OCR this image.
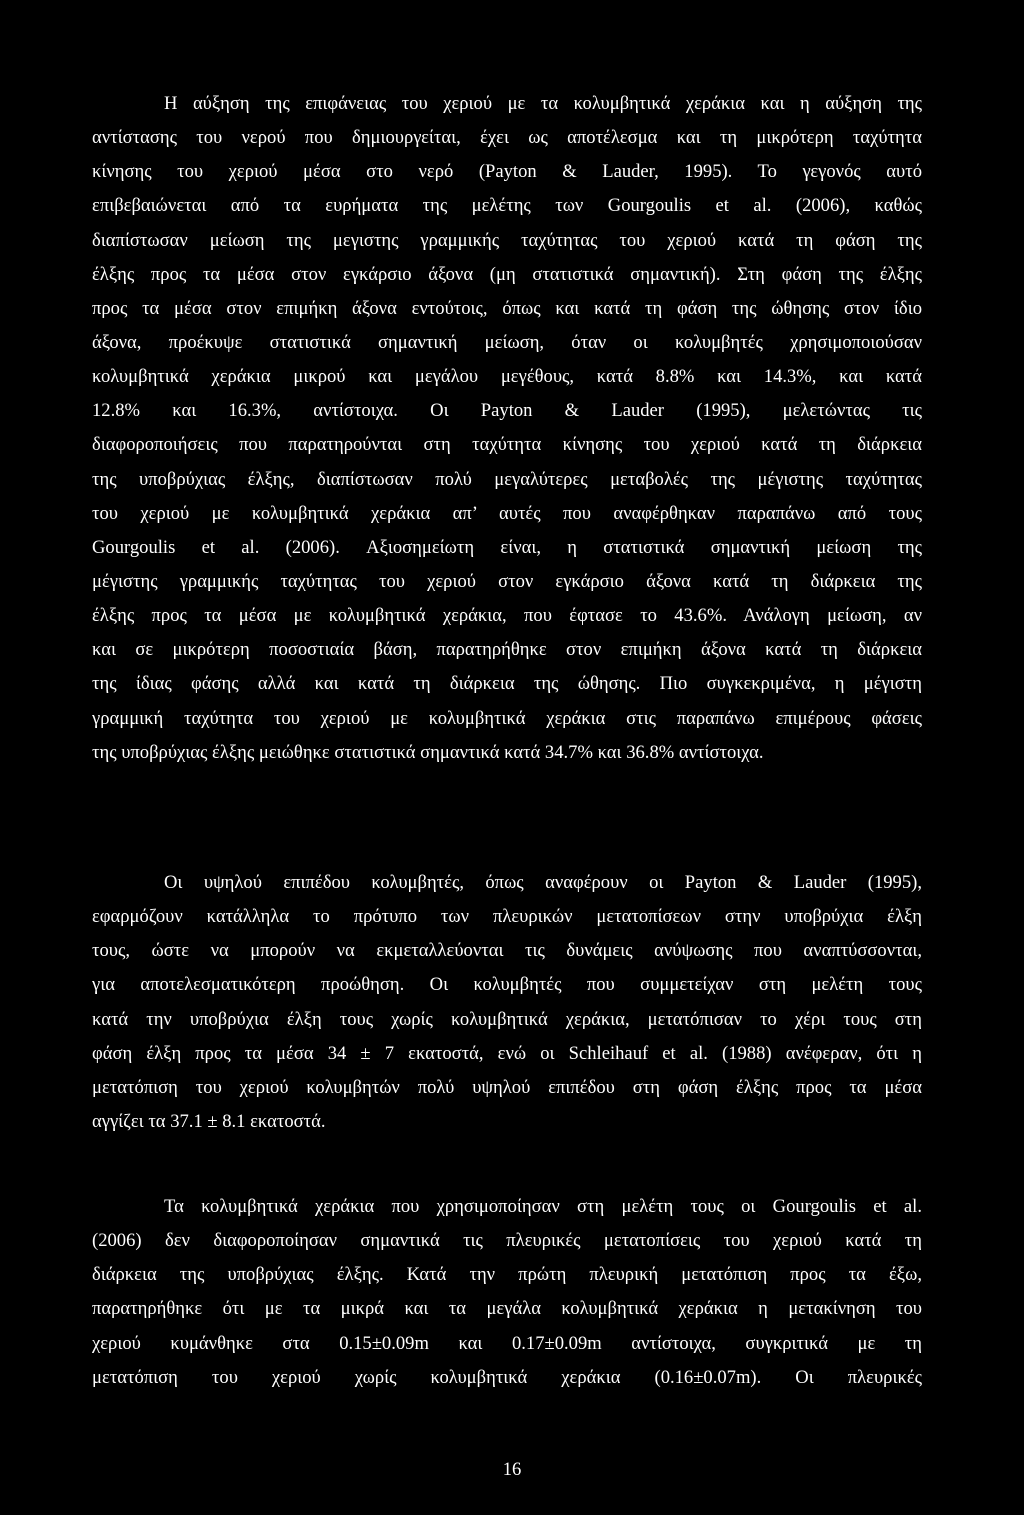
Η αύξηση της επιφάνειας του χεριού με τα κολυμβητικά χεράκια και η αύξηση της
αντίστασης του νερού που δημιουργείται, έχει ως αποτέλεσμα και τη μικρότερη ταχύτητα
κίνησης του χεριού μέσα στο νερό (Payton & Lauder, 1995). Το γεγονός αυτό
επιβεβαιώνεται από τα ευρήματα της μελέτης των Gourgoulis et al. (2006), καθώς
διαπίστωσαν μείωση της μεγιστης γραμμικής ταχύτητας του χεριού κατά τη φάση της
έλξης προς τα μέσα στον εγκάρσιο άξονα (μη στατιστικά σημαντική). Στη φάση της έλξης
προς τα μέσα στον επιμήκη άξονα εντούτοις, όπως και κατά τη φάση της ώθησης στον ίδιο
άξονα, προέκυψε στατιστικά σημαντική μείωση, όταν οι κολυμβητές χρησιμοποιούσαν
κολυμβητικά χεράκια μικρού και μεγάλου μεγέθους, κατά 8.8% και 14.3%, και κατά
12.8% και 16.3%, αντίστοιχα. Οι Payton & Lauder (1995), μελετώντας τις
διαφοροποιήσεις που παρατηρούνται στη ταχύτητα κίνησης του χεριού κατά τη διάρκεια
της υποβρύχιας έλξης, διαπίστωσαν πολύ μεγαλύτερες μεταβολές της μέγιστης ταχύτητας
του χεριού με κολυμβητικά χεράκια απ’ αυτές που αναφέρθηκαν παραπάνω από τους
Gourgoulis et al. (2006). Αξιοσημείωτη είναι, η στατιστικά σημαντική μείωση της
μέγιστης γραμμικής ταχύτητας του χεριού στον εγκάρσιο άξονα κατά τη διάρκεια της
έλξης προς τα μέσα με κολυμβητικά χεράκια, που έφτασε το 43.6%. Ανάλογη μείωση, αν
και σε μικρότερη ποσοστιαία βάση, παρατηρήθηκε στον επιμήκη άξονα κατά τη διάρκεια
της ίδιας φάσης αλλά και κατά τη διάρκεια της ώθησης. Πιο συγκεκριμένα, η μέγιστη
γραμμική ταχύτητα του χεριού με κολυμβητικά χεράκια στις παραπάνω επιμέρους φάσεις
της υποβρύχιας έλξης μειώθηκε στατιστικά σημαντικά κατά 34.7% και 36.8% αντίστοιχα.
Οι υψηλού επιπέδου κολυμβητές, όπως αναφέρουν οι Payton & Lauder (1995),
εφαρμόζουν κατάλληλα το πρότυπο των πλευρικών μετατοπίσεων στην υποβρύχια έλξη
τους, ώστε να μπορούν να εκμεταλλεύονται τις δυνάμεις ανύψωσης που αναπτύσσονται,
για αποτελεσματικότερη προώθηση. Οι κολυμβητές που συμμετείχαν στη μελέτη τους
κατά την υποβρύχια έλξη τους χωρίς κολυμβητικά χεράκια, μετατόπισαν το χέρι τους στη
φάση έλξη προς τα μέσα 34 ± 7 εκατοστά, ενώ οι Schleihauf et al. (1988) ανέφεραν, ότι η
μετατόπιση του χεριού κολυμβητών πολύ υψηλού επιπέδου στη φάση έλξης προς τα μέσα
αγγίζει τα 37.1 ± 8.1 εκατοστά.
Τα κολυμβητικά χεράκια που χρησιμοποίησαν στη μελέτη τους οι Gourgoulis et al.
(2006) δεν διαφοροποίησαν σημαντικά τις πλευρικές μετατοπίσεις του χεριού κατά τη
διάρκεια της υποβρύχιας έλξης. Κατά την πρώτη πλευρική μετατόπιση προς τα έξω,
παρατηρήθηκε ότι με τα μικρά και τα μεγάλα κολυμβητικά χεράκια η μετακίνηση του
χεριού κυμάνθηκε στα 0.15±0.09m και 0.17±0.09m αντίστοιχα, συγκριτικά με τη
μετατόπιση του χεριού χωρίς κολυμβητικά χεράκια (0.16±0.07m). Οι πλευρικές
16
